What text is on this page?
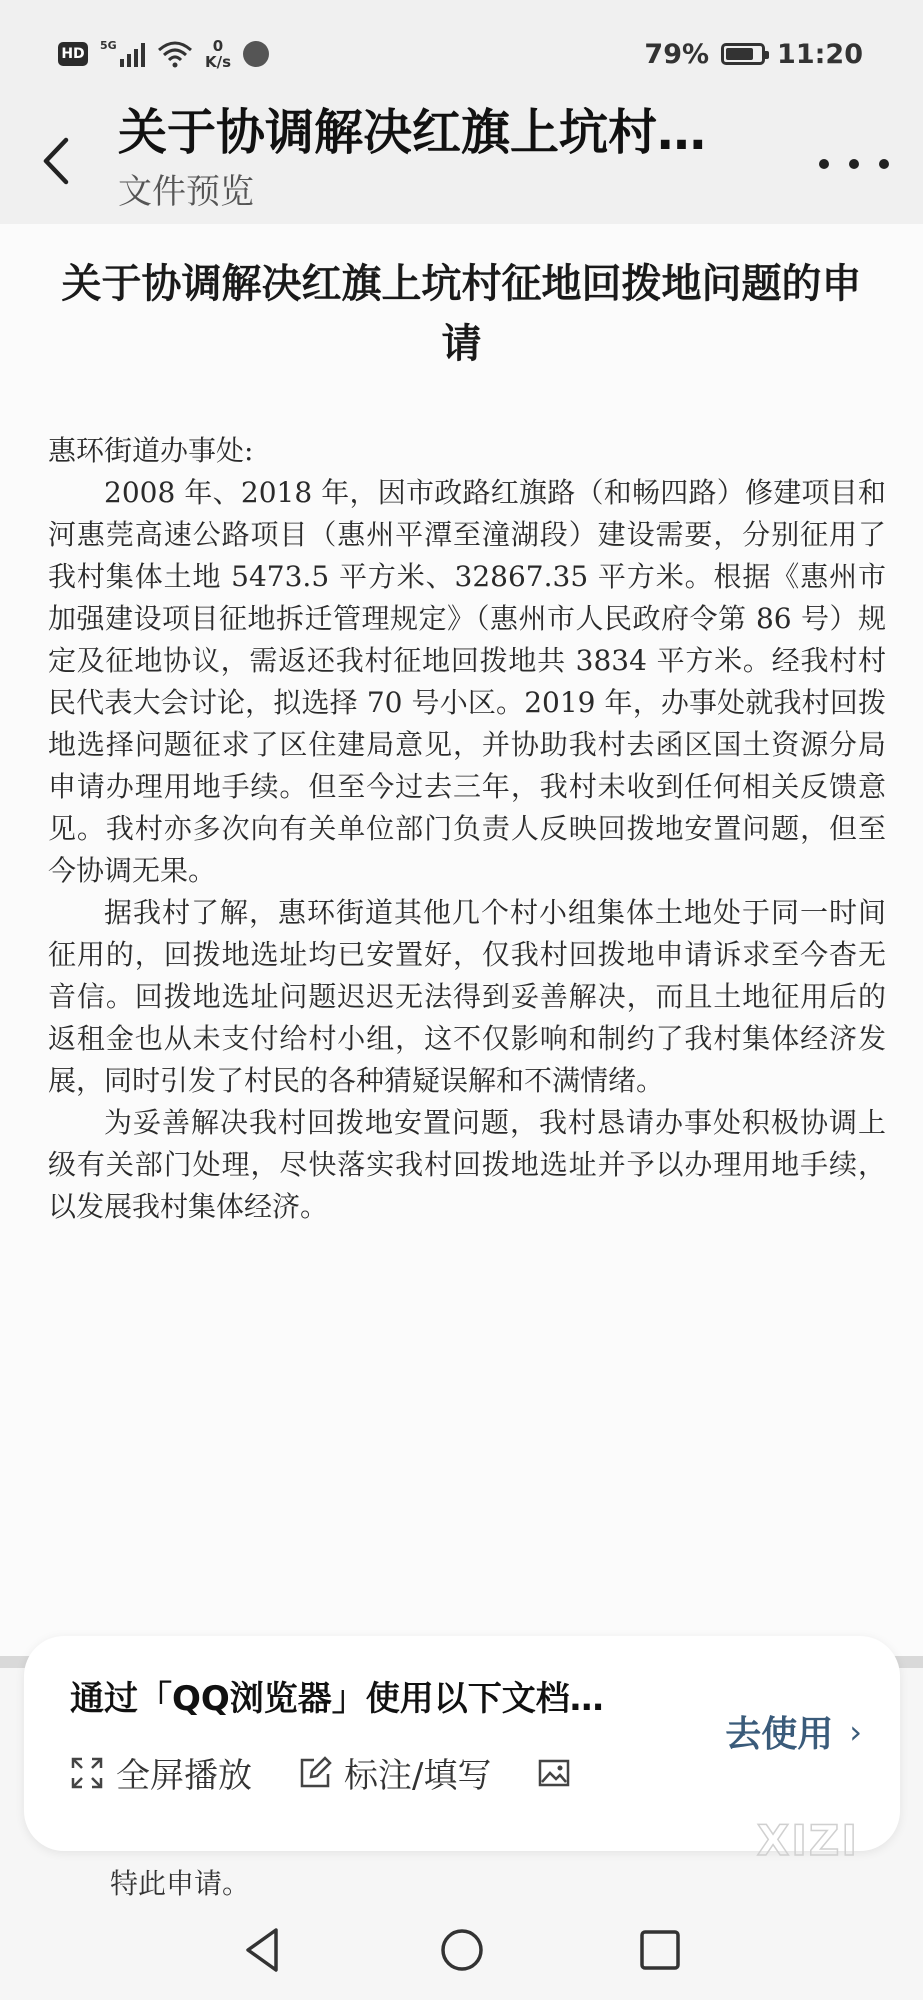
HD
5G	0
K/s	79%	11:20
关于协调解决红旗上坑村…
文件预览
关于协调解决红旗上坑村征地回拨地问题的申请

惠环街道办事处:

2008 年、2018 年，因市政路红旗路（和畅四路）修建项目和河惠莞高速公路项目（惠州平潭至潼湖段）建设需要，分别征用了我村集体土地 5473.5 平方米、32867.35 平方米。根据《惠州市加强建设项目征地拆迁管理规定》（惠州市人民政府令第 86 号）规定及征地协议，需返还我村征地回拨地共 3834 平方米。经我村村民代表大会讨论，拟选择 70 号小区。2019 年，办事处就我村回拨地选择问题征求了区住建局意见，并协助我村去函区国土资源分局申请办理用地手续。但至今过去三年，我村未收到任何相关反馈意见。我村亦多次向有关单位部门负责人反映回拨地安置问题，但至今协调无果。

据我村了解，惠环街道其他几个村小组集体土地处于同一时间征用的，回拨地选址均已安置好，仅我村回拨地申请诉求至今杳无音信。回拨地选址问题迟迟无法得到妥善解决，而且土地征用后的返租金也从未支付给村小组，这不仅影响和制约了我村集体经济发展，同时引发了村民的各种猜疑误解和不满情绪。

为妥善解决我村回拨地安置问题，我村恳请办事处积极协调上级有关部门处理，尽快落实我村回拨地选址并予以办理用地手续，以发展我村集体经济。

特此申请。
通过「QQ浏览器」使用以下文档…
全屏播放	标注/填写
去使用 ›
XIZI
